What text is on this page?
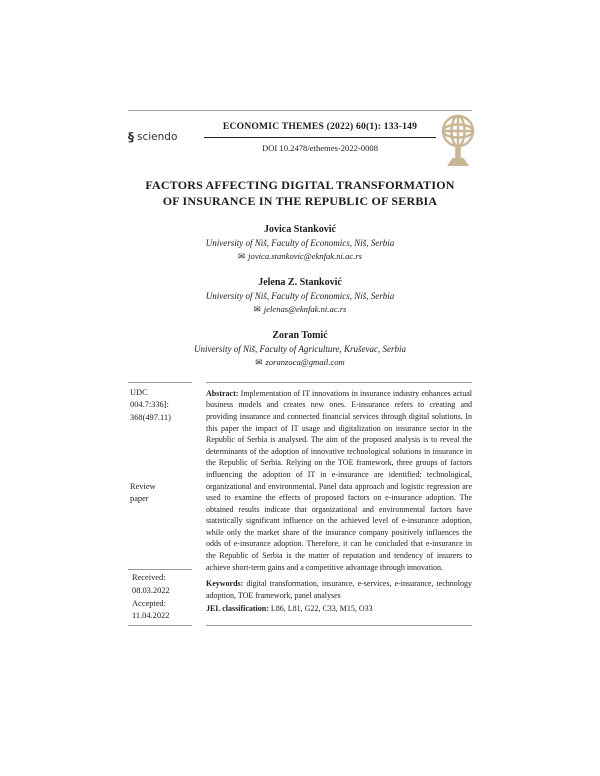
§ sciendo
ECONOMIC THEMES (2022) 60(1): 133-149
DOI 10.2478/ethemes-2022-0008
FACTORS AFFECTING DIGITAL TRANSFORMATION
OF INSURANCE IN THE REPUBLIC OF SERBIA
Jovica Stanković
University of Niš, Faculty of Economics, Niš, Serbia
✉ jovica.stankovic@eknfak.ni.ac.rs
Jelena Z. Stanković
University of Niš, Faculty of Economics, Niš, Serbia
✉ jelenas@eknfak.ni.ac.rs
Zoran Tomić
University of Niš, Faculty of Agriculture, Kruševac, Serbia
✉ zoranzoca@gmail.com
UDC
004.7:336]:
368(497.11)
Review
paper
Received:
08.03.2022
Accepted:
11.04.2022
Abstract: Implementation of IT innovations in insurance industry enhances actual business models and creates new ones. E-insurance refers to creating and providing insurance and connected financial services through digital solutions. In this paper the impact of IT usage and digitalization on insurance sector in the Republic of Serbia is analysed. The aim of the proposed analysis is to reveal the determinants of the adoption of innovative technological solutions in insurance in the Republic of Serbia. Relying on the TOE framework, three groups of factors influencing the adoption of IT in e-insurance are identified: technological, organizational and environmental. Panel data approach and logistic regression are used to examine the effects of proposed factors on e-insurance adoption. The obtained results indicate that organizational and environmental factors have statistically significant influence on the achieved level of e-insurance adoption, while only the market share of the insurance company positively influences the odds of e-insurance adoption. Therefore, it can be concluded that e-insurance in the Republic of Serbia is the matter of reputation and tendency of insurers to achieve short-term gains and a competitive advantage through innovation.
Keywords: digital transformation, insurance, e-services, e-insurance, technology adoption, TOE framework, panel analyses
JEL classification: L86, L81, G22, C33, M15, O33
